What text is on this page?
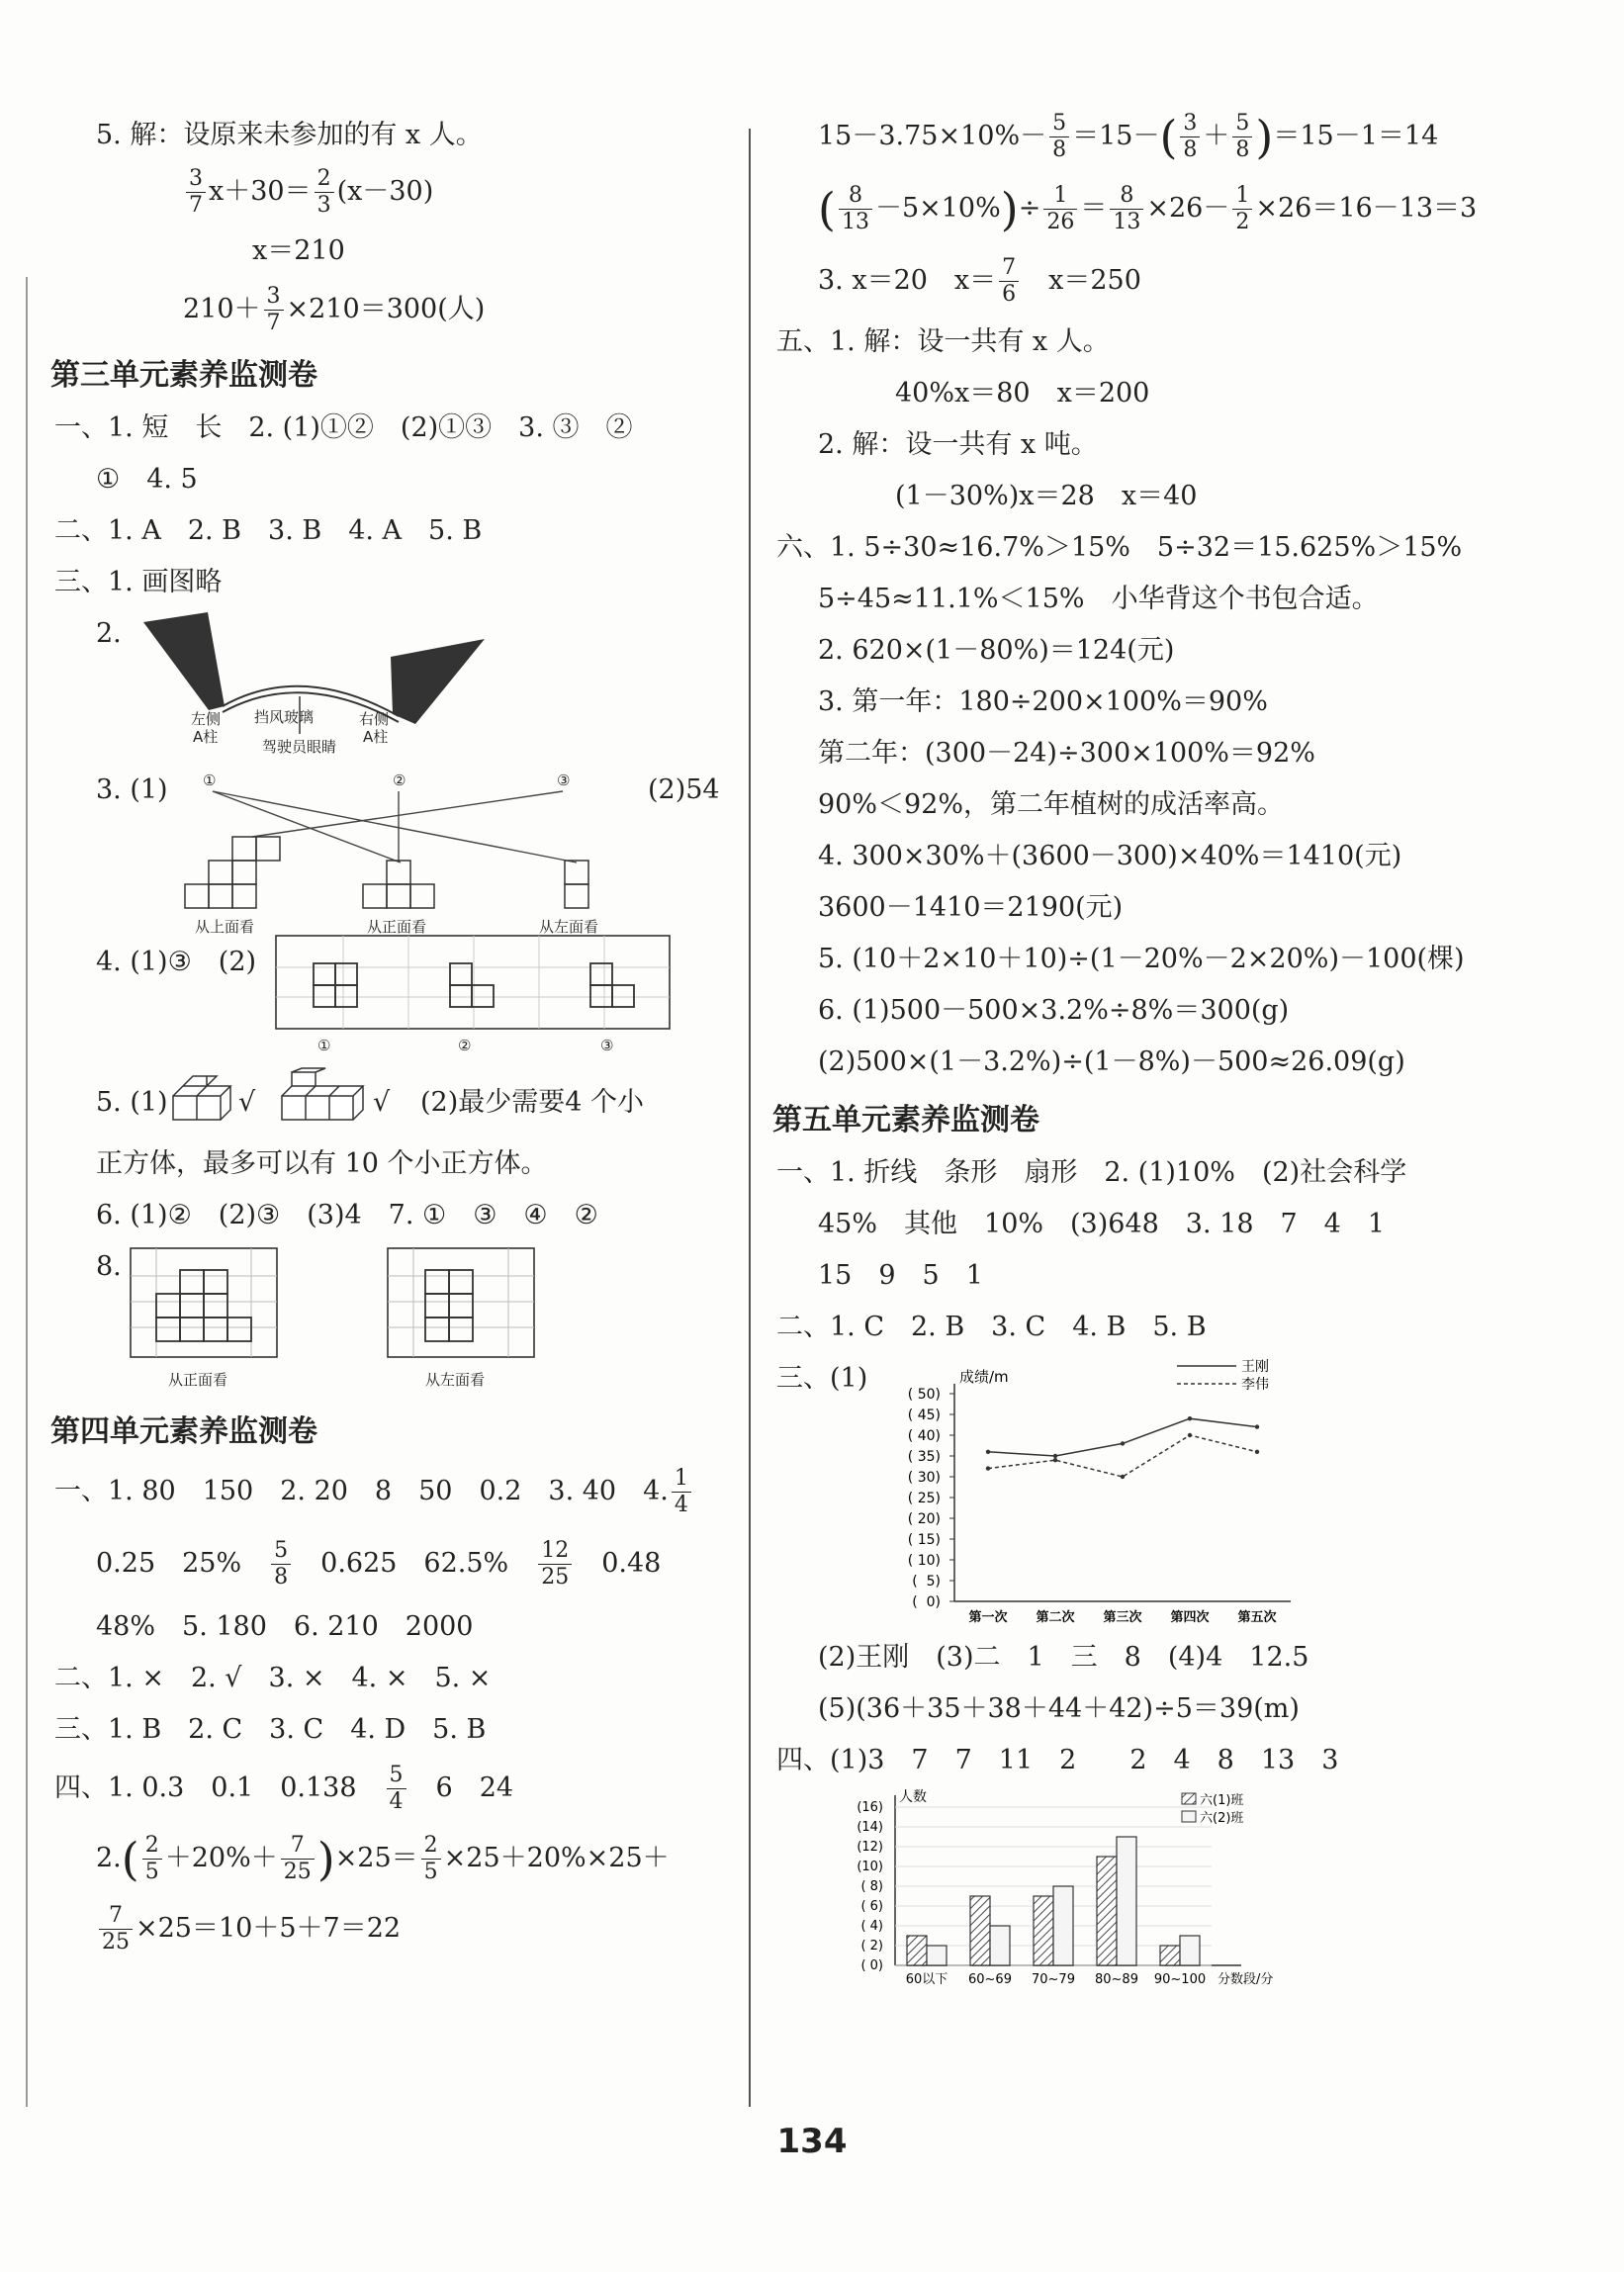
5. 解：设原来未参加的有 x 人。
$\frac{3}{7} x+30= \frac{2}{3} (x-30)$
x＝210
$210+ \frac{3}{7} \times 210=300$(人)
第三单元素养监测卷
一、1. 短　长　2. (1)①②　(2)①③　3. ③　②
①　4. 5
二、1. A　2. B　3. B　4. A　5. B
三、1. 画图略
2.
左侧
A柱
挡风玻璃	右侧
A柱
驾驶员眼睛
3. (1)	(2)54
①	②	③
从上面看	从正面看	从左面看
4. (1)③　(2)
①	②	③
5. (1)	√	√ (2)最少需要4 个小
正方体，最多可以有 10 个小正方体。
6. (1)②　(2)③　(3)4　7. ①　③　④　②
8.
从正面看	从左面看
第四单元素养监测卷
一、1. 80　150　2. 20　8　50　0.2　3. 40　4. $\frac{1}{4}$
0.25　25%　 $\frac{5}{8}$
　 0.625　62.5%　 $\frac{12}{25}$
　 0.48
48%　5. 180　6. 210　2000
二、1. ×　2. √　3. ×　4. ×　5. ×
三、1. B　2. C　3. C　4. D　5. B
四、1. 0.3　0.1　0.138　 $\frac{5}{4}$
　 6　24
$2.( \frac{2}{5} +20\%+ \frac{7}{25} )\times 25= \frac{2}{5} \times 25+20\%\times 25+$
$\frac{7}{25} \times 25=10+5+7=22$
$15-3.75\times 10\%- \frac{5}{8} =15-( \frac{3}{8} + \frac{5}{8} )=15-1=14$
( $\frac{8}{13} -5\times 10\%)\div \frac{1}{26} = \frac{8}{13} \times 26- \frac{1}{2} \times 26=16-13=3$
3. x＝20　$x= \frac{7}{6}$
　 x＝250
五、1. 解：设一共有 x 人。
40%x＝80　x＝200
2. 解：设一共有 x 吨。
(1－30%)x＝28　x＝40
六、1. 5÷30≈16.7%＞15%　5÷32＝15.625%＞15%
5÷45≈11.1%＜15%　小华背这个书包合适。
2. 620×(1－80%)＝124(元)
3. 第一年：180÷200×100%＝90%
第二年：(300－24)÷300×100%＝92%
90%＜92%，第二年植树的成活率高。
4. 300×30%＋(3600－300)×40%＝1410(元)
3600－1410＝2190(元)
5. (10＋2×10＋10)÷(1－20%－2×20%)－100(棵)
6. (1)500－500×3.2%÷8%＝300(g)
(2)500×(1－3.2%)÷(1－8%)－500≈26.09(g)
第五单元素养监测卷
一、1. 折线　条形　扇形　2. (1)10%　(2)社会科学
45%　其他　10%　(3)648　3. 18　7　4　1
15　9　5　1
二、1. C　2. B　3. C　4. B　5. B
三、(1)
(  0)
(  5)
( 10)
( 15)
( 20)
( 25)
( 30)
( 35)
( 40)
( 45)
( 50)
成绩/m
第一次 第二次 第三次 第四次 第五次
王刚
李伟
(2)王刚　(3)二　1　三　8　(4)4　12.5
(5)(36＋35＋38＋44＋42)÷5＝39(m)
四、(1)3　7　7　11　2　　2　4　8　13　3
( 0)
( 2)
( 4)
( 6)
( 8)
(10)
(12)
(14)
(16)
人数
60以下 60~69 70~79 80~89 90~100 分数段/分
六(1)班
六(2)班
134
